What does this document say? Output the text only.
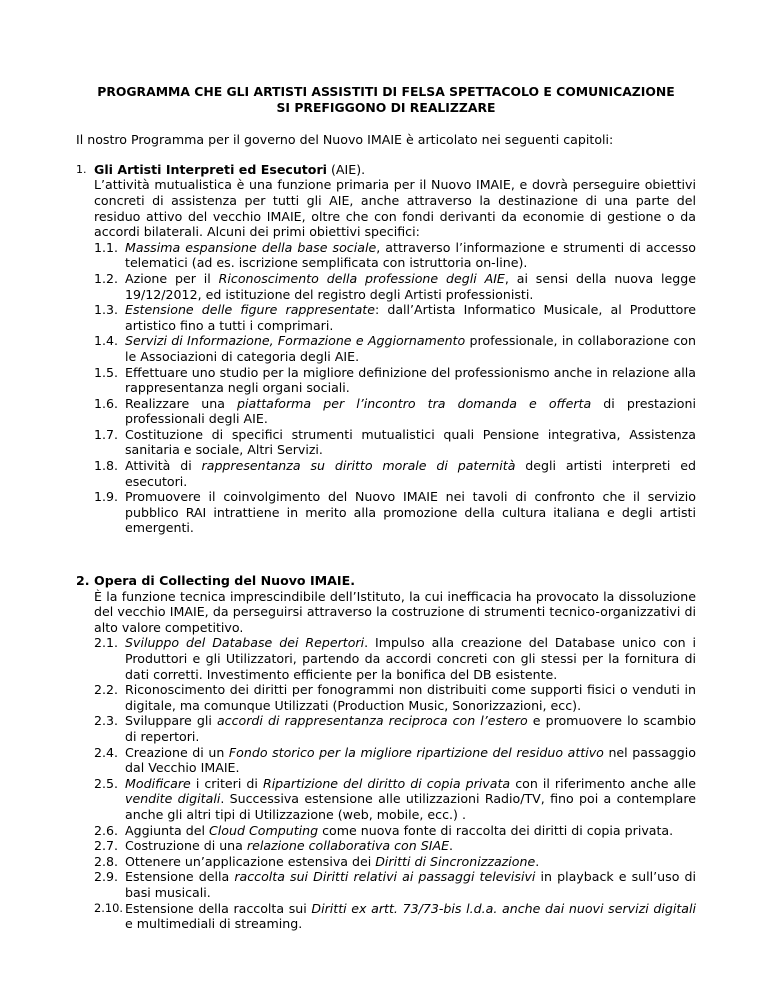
PROGRAMMA CHE GLI ARTISTI ASSISTITI DI FELSA SPETTACOLO E COMUNICAZIONE
SI PREFIGGONO DI REALIZZARE

Il nostro Programma per il governo del Nuovo IMAIE è articolato nei seguenti capitoli:

1. Gli Artisti Interpreti ed Esecutori (AIE).
L’attività mutualistica è una funzione primaria per il Nuovo IMAIE, e dovrà perseguire obiettivi concreti di assistenza per tutti gli AIE, anche attraverso la destinazione di una parte del residuo attivo del vecchio IMAIE, oltre che con fondi derivanti da economie di gestione o da accordi bilaterali. Alcuni dei primi obiettivi specifici:
1.1. Massima espansione della base sociale, attraverso l’informazione e strumenti di accesso telematici (ad es. iscrizione semplificata con istruttoria on-line).
1.2. Azione per il Riconoscimento della professione degli AIE, ai sensi della nuova legge 19/12/2012, ed istituzione del registro degli Artisti professionisti.
1.3. Estensione delle figure rappresentate: dall’Artista Informatico Musicale, al Produttore artistico fino a tutti i comprimari.
1.4. Servizi di Informazione, Formazione e Aggiornamento professionale, in collaborazione con le Associazioni di categoria degli AIE.
1.5. Effettuare uno studio per la migliore definizione del professionismo anche in relazione alla rappresentanza negli organi sociali.
1.6. Realizzare una piattaforma per l’incontro tra domanda e offerta di prestazioni professionali degli AIE.
1.7. Costituzione di specifici strumenti mutualistici quali Pensione integrativa, Assistenza sanitaria e sociale, Altri Servizi.
1.8. Attività di rappresentanza su diritto morale di paternità degli artisti interpreti ed esecutori.
1.9. Promuovere il coinvolgimento del Nuovo IMAIE nei tavoli di confronto che il servizio pubblico RAI intrattiene in merito alla promozione della cultura italiana e degli artisti emergenti.
2. Opera di Collecting del Nuovo IMAIE.
È la funzione tecnica imprescindibile dell’Istituto, la cui inefficacia ha provocato la dissoluzione del vecchio IMAIE, da perseguirsi attraverso la costruzione di strumenti tecnico-organizzativi di alto valore competitivo.
2.1. Sviluppo del Database dei Repertori. Impulso alla creazione del Database unico con i Produttori e gli Utilizzatori, partendo da accordi concreti con gli stessi per la fornitura di dati corretti. Investimento efficiente per la bonifica del DB esistente.
2.2. Riconoscimento dei diritti per fonogrammi non distribuiti come supporti fisici o venduti in digitale, ma comunque Utilizzati (Production Music, Sonorizzazioni, ecc).
2.3. Sviluppare gli accordi di rappresentanza reciproca con l’estero e promuovere lo scambio di repertori.
2.4. Creazione di un Fondo storico per la migliore ripartizione del residuo attivo nel passaggio dal Vecchio IMAIE.
2.5. Modificare i criteri di Ripartizione del diritto di copia privata con il riferimento anche alle vendite digitali. Successiva estensione alle utilizzazioni Radio/TV, fino poi a contemplare anche gli altri tipi di Utilizzazione (web, mobile, ecc.) .
2.6. Aggiunta del Cloud Computing come nuova fonte di raccolta dei diritti di copia privata.
2.7. Costruzione di una relazione collaborativa con SIAE.
2.8. Ottenere un’applicazione estensiva dei Diritti di Sincronizzazione.
2.9. Estensione della raccolta sui Diritti relativi ai passaggi televisivi in playback e sull’uso di basi musicali.
2.10. Estensione della raccolta sui Diritti ex artt. 73/73-bis l.d.a. anche dai nuovi servizi digitali e multimediali di streaming.
